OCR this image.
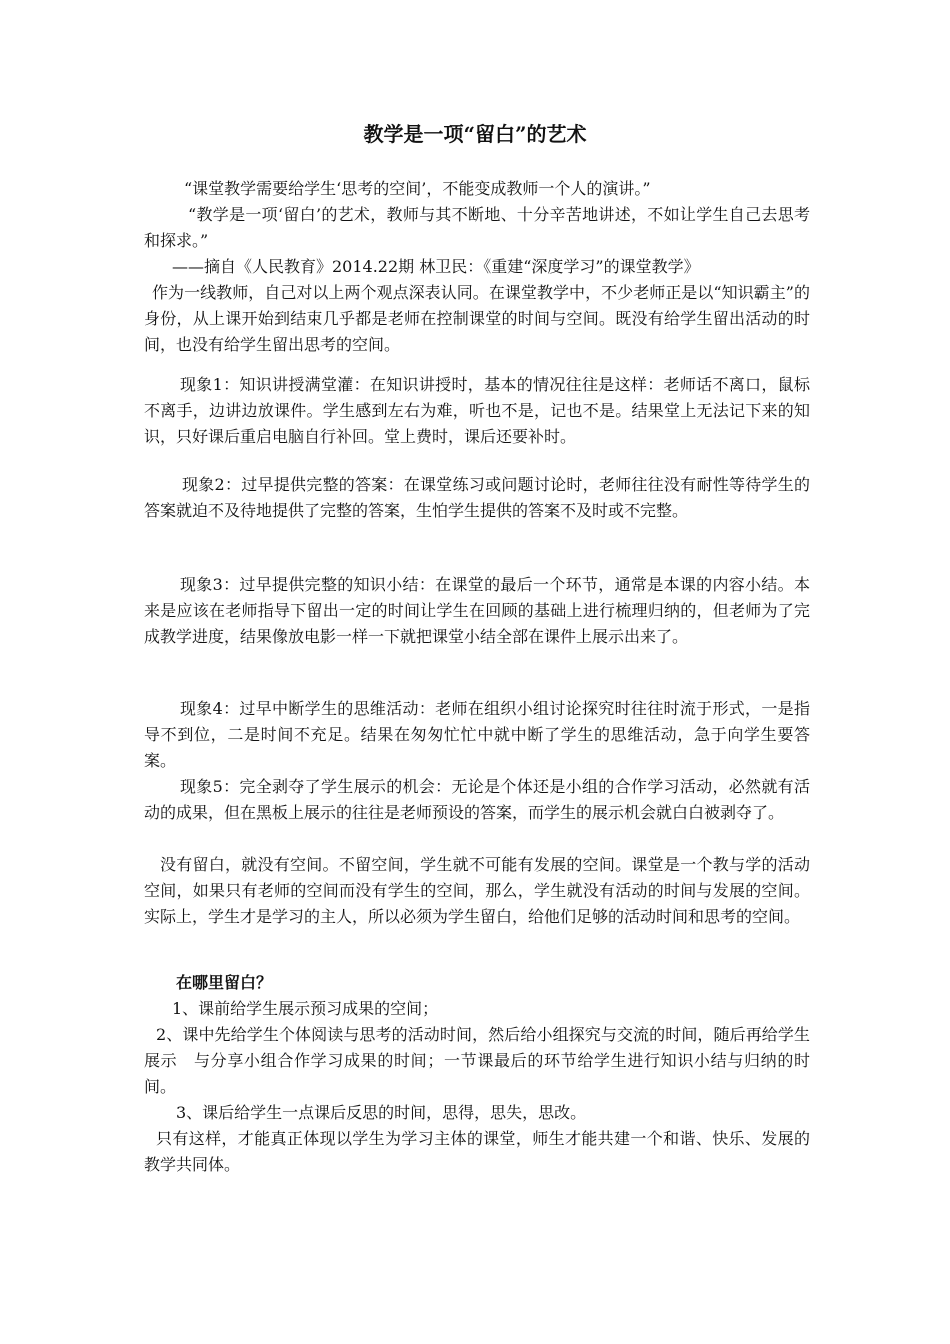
教学是一项“留白”的艺术
“课堂教学需要给学生‘思考的空间’，不能变成教师一个人的演讲。”
“教学是一项‘留白’的艺术，教师与其不断地、十分辛苦地讲述，不如让学生自己去思考和探求。”
——摘自《人民教育》2014.22期 林卫民：《重建“深度学习”的课堂教学》
作为一线教师，自己对以上两个观点深表认同。在课堂教学中，不少老师正是以“知识霸主”的身份，从上课开始到结束几乎都是老师在控制课堂的时间与空间。既没有给学生留出活动的时间，也没有给学生留出思考的空间。
现象1：知识讲授满堂灌：在知识讲授时，基本的情况往往是这样：老师话不离口，鼠标不离手，边讲边放课件。学生感到左右为难，听也不是，记也不是。结果堂上无法记下来的知识，只好课后重启电脑自行补回。堂上费时，课后还要补时。
现象2：过早提供完整的答案：在课堂练习或问题讨论时，老师往往没有耐性等待学生的答案就迫不及待地提供了完整的答案，生怕学生提供的答案不及时或不完整。
现象3：过早提供完整的知识小结：在课堂的最后一个环节，通常是本课的内容小结。本来是应该在老师指导下留出一定的时间让学生在回顾的基础上进行梳理归纳的，但老师为了完成教学进度，结果像放电影一样一下就把课堂小结全部在课件上展示出来了。
现象4：过早中断学生的思维活动：老师在组织小组讨论探究时往往时流于形式，一是指导不到位，二是时间不充足。结果在匆匆忙忙中就中断了学生的思维活动，急于向学生要答案。
现象5：完全剥夺了学生展示的机会：无论是个体还是小组的合作学习活动，必然就有活动的成果，但在黑板上展示的往往是老师预设的答案，而学生的展示机会就白白被剥夺了。
没有留白，就没有空间。不留空间，学生就不可能有发展的空间。课堂是一个教与学的活动空间，如果只有老师的空间而没有学生的空间，那么，学生就没有活动的时间与发展的空间。实际上，学生才是学习的主人，所以必须为学生留白，给他们足够的活动时间和思考的空间。
在哪里留白？
1、课前给学生展示预习成果的空间；
2、课中先给学生个体阅读与思考的活动时间，然后给小组探究与交流的时间，随后再给学生展示　与分享小组合作学习成果的时间；一节课最后的环节给学生进行知识小结与归纳的时间。
3、课后给学生一点课后反思的时间，思得，思失，思改。
只有这样，才能真正体现以学生为学习主体的课堂，师生才能共建一个和谐、快乐、发展的教学共同体。
